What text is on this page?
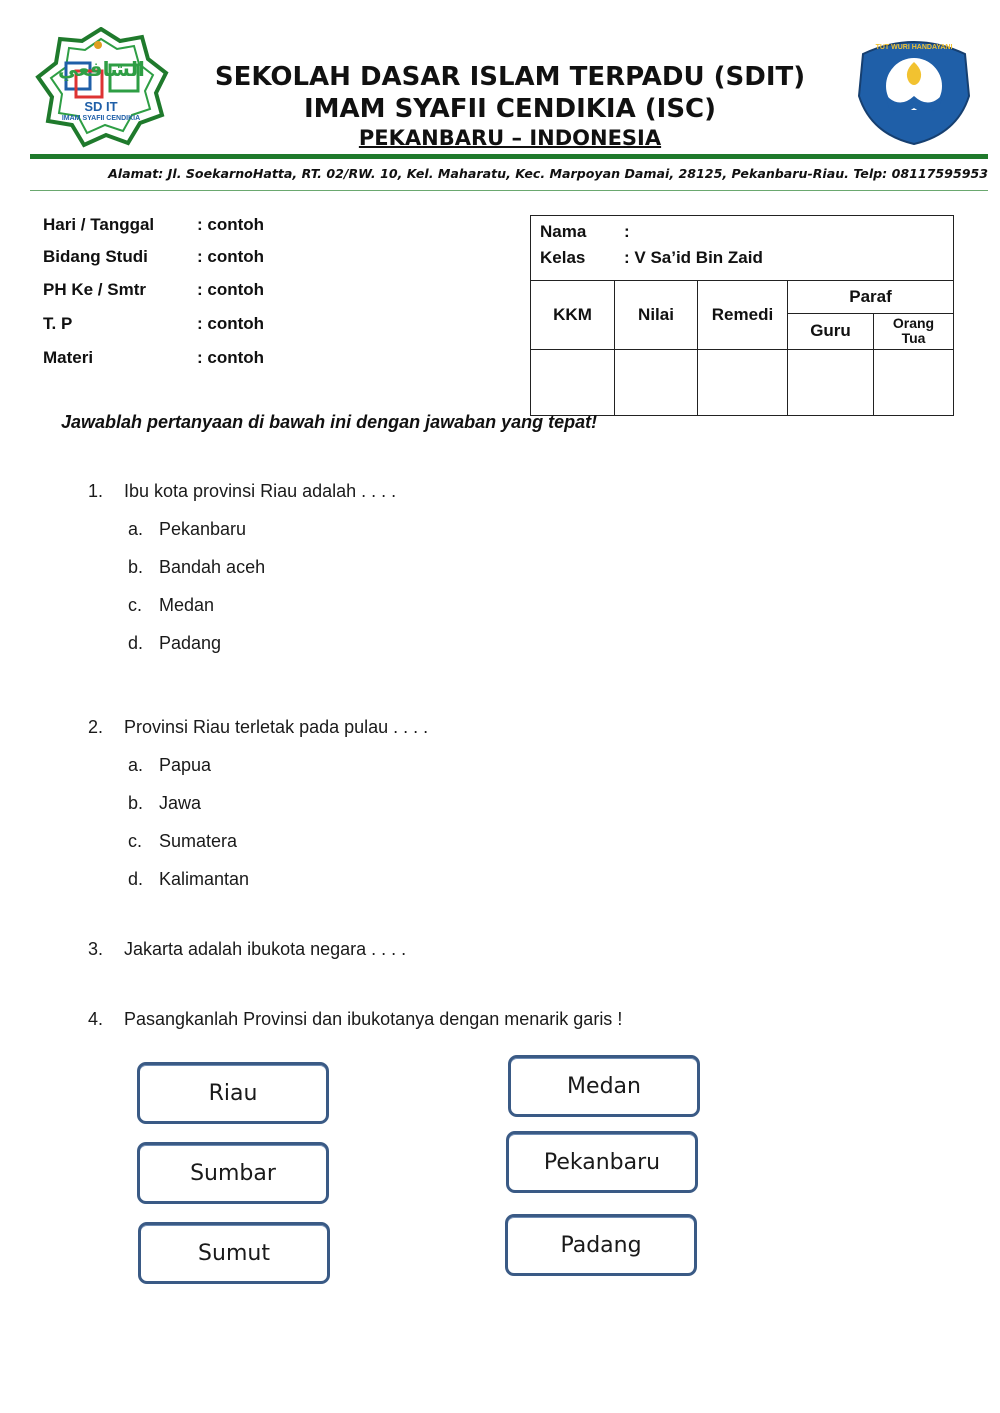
الشافعي
SD IT
IMAM SYAFII CENDIKIA
SEKOLAH DASAR ISLAM TERPADU (SDIT)
IMAM SYAFII CENDIKIA (ISC)
PEKANBARU – INDONESIA
TUT WURI HANDAYANI
Alamat: Jl. SoekarnoHatta, RT. 02/RW. 10, Kel. Maharatu, Kec. Marpoyan Damai, 28125, Pekanbaru-Riau. Telp: 08117595953
Hari / Tanggal	: contoh
Bidang Studi	: contoh
PH Ke / Smtr	: contoh
T. P	: contoh
Materi	: contoh
Nama :				
Kelas : V Sa’id Bin Zaid				
KKM	Nilai	Remedi	Paraf	
			Guru	Orang
Tua

Jawablah pertanyaan di bawah ini dengan jawaban yang tepat!
1. Ibu kota provinsi Riau adalah . . . .
a. Pekanbaru
b. Bandah aceh
c. Medan
d. Padang
2. Provinsi Riau terletak pada pulau . . . .
a. Papua
b. Jawa
c. Sumatera
d. Kalimantan
3. Jakarta adalah ibukota negara . . . .
4. Pasangkanlah Provinsi dan ibukotanya dengan menarik garis !
Riau
Sumbar
Sumut
Medan
Pekanbaru
Padang
